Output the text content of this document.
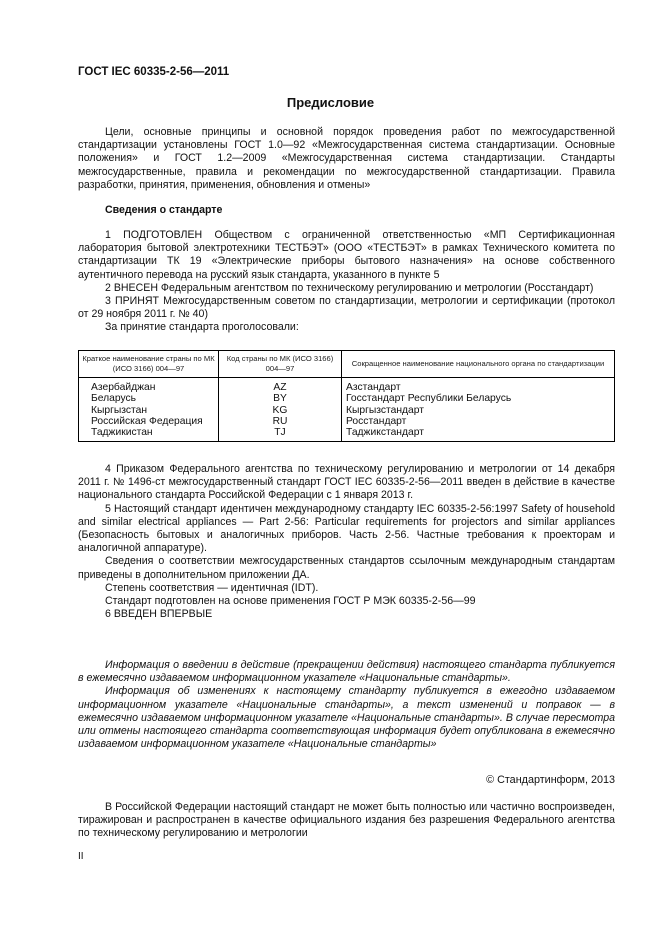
ГОСТ IEC 60335-2-56—2011
Предисловие

Цели, основные принципы и основной порядок проведения работ по межгосударственной стандартизации установлены ГОСТ 1.0—92 «Межгосударственная система стандартизации. Основные положения» и ГОСТ 1.2—2009 «Межгосударственная система стандартизации. Стандарты межгосударственные, правила и рекомендации по межгосударственной стандартизации. Правила разработки, принятия, применения, обновления и отмены»

Сведения о стандарте

1 ПОДГОТОВЛЕН Обществом с ограниченной ответственностью «МП Сертификационная лаборатория бытовой электротехники ТЕСТБЭТ» (ООО «ТЕСТБЭТ» в рамках Технического комитета по стандартизации ТК 19 «Электрические приборы бытового назначения» на основе собственного аутентичного перевода на русский язык стандарта, указанного в пункте 5

2 ВНЕСЕН Федеральным агентством по техническому регулированию и метрологии (Росстандарт)

3 ПРИНЯТ Межгосударственным советом по стандартизации, метрологии и сертификации (протокол от 29 ноября 2011 г. № 40)

За принятие стандарта проголосовали:

Краткое наименование страны по МК (ИСО 3166) 004—97	Код страны по МК (ИСО 3166) 004—97	Сокращенное наименование национального органа по стандартизации
Азербайджан	AZ	Азстандарт
Беларусь	BY	Госстандарт Республики Беларусь
Кыргызстан	KG	Кыргызстандарт
Российская Федерация	RU	Росстандарт
Таджикистан	TJ	Таджикстандарт

4 Приказом Федерального агентства по техническому регулированию и метрологии от 14 декабря 2011 г. № 1496-ст межгосударственный стандарт ГОСТ IEC 60335-2-56—2011 введен в действие в качестве национального стандарта Российской Федерации с 1 января 2013 г.

5 Настоящий стандарт идентичен международному стандарту IEC 60335-2-56:1997 Safety of household and similar electrical appliances — Part 2-56: Particular requirements for projectors and similar appliances (Безопасность бытовых и аналогичных приборов. Часть 2-56. Частные требования к проекторам и аналогичной аппаратуре).

Сведения о соответствии межгосударственных стандартов ссылочным международным стандартам приведены в дополнительном приложении ДА.

Степень соответствия — идентичная (IDT).

Стандарт подготовлен на основе применения ГОСТ Р МЭК 60335-2-56—99

6 ВВЕДЕН ВПЕРВЫЕ

Информация о введении в действие (прекращении действия) настоящего стандарта публикуется в ежемесячно издаваемом информационном указателе «Национальные стандарты».

Информация об изменениях к настоящему стандарту публикуется в ежегодно издаваемом информационном указателе «Национальные стандарты», а текст изменений и поправок — в ежемесячно издаваемом информационном указателе «Национальные стандарты». В случае пересмотра или отмены настоящего стандарта соответствующая информация будет опубликована в ежемесячно издаваемом информационном указателе «Национальные стандарты»

© Стандартинформ, 2013

В Российской Федерации настоящий стандарт не может быть полностью или частично воспроизведен, тиражирован и распространен в качестве официального издания без разрешения Федерального агентства по техническому регулированию и метрологии

II
